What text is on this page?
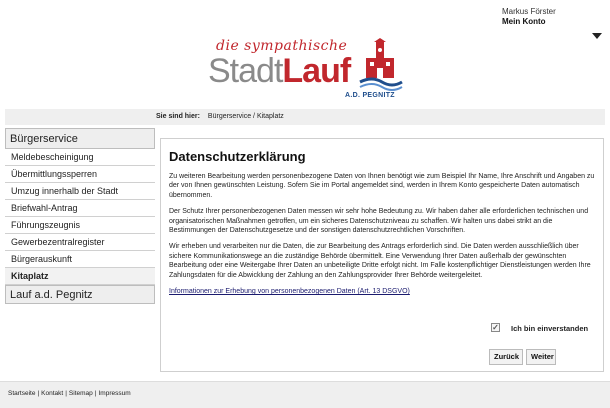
Markus Förster
Mein Konto
die sympathische
StadtLauf
A.D. PEGNITZ
Sie sind hier: Bürgerservice / Kitaplatz
Bürgerservice
Meldebescheinigung
Übermittlungssperren
Umzug innerhalb der Stadt
Briefwahl-Antrag
Führungszeugnis
Gewerbezentralregister
Bürgerauskunft
Kitaplatz
Lauf a.d. Pegnitz
Datenschutzerklärung

Zu weiteren Bearbeitung werden personenbezogene Daten von Ihnen benötigt wie zum Beispiel Ihr Name, Ihre Anschrift und Angaben zu der von Ihnen gewünschten Leistung. Sofern Sie im Portal angemeldet sind, werden in Ihrem Konto gespeicherte Daten automatisch übernommen.

Der Schutz Ihrer personenbezogenen Daten messen wir sehr hohe Bedeutung zu. Wir haben daher alle erforderlichen technischen und organisatorischen Maßnahmen getroffen, um ein sicheres Datenschutzniveau zu schaffen. Wir halten uns dabei strikt an die Bestimmungen der Datenschutzgesetze und der sonstigen datenschutzrechtlichen Vorschriften.

Wir erheben und verarbeiten nur die Daten, die zur Bearbeitung des Antrags erforderlich sind. Die Daten werden ausschließlich über sichere Kommunikationswege an die zuständige Behörde übermittelt. Eine Verwendung Ihrer Daten außerhalb der gewünschten Bearbeitung oder eine Weitergabe Ihrer Daten an unbeteiligte Dritte erfolgt nicht. Im Falle kostenpflichtiger Dienstleistungen werden Ihre Zahlungsdaten für die Abwicklung der Zahlung an den Zahlungsprovider Ihrer Behörde weitergeleitet.

Informationen zur Erhebung von personenbezogenen Daten (Art. 13 DSGVO)
✓ Ich bin einverstanden
Zurück	Weiter
Startseite | Kontakt | Sitemap | Impressum
